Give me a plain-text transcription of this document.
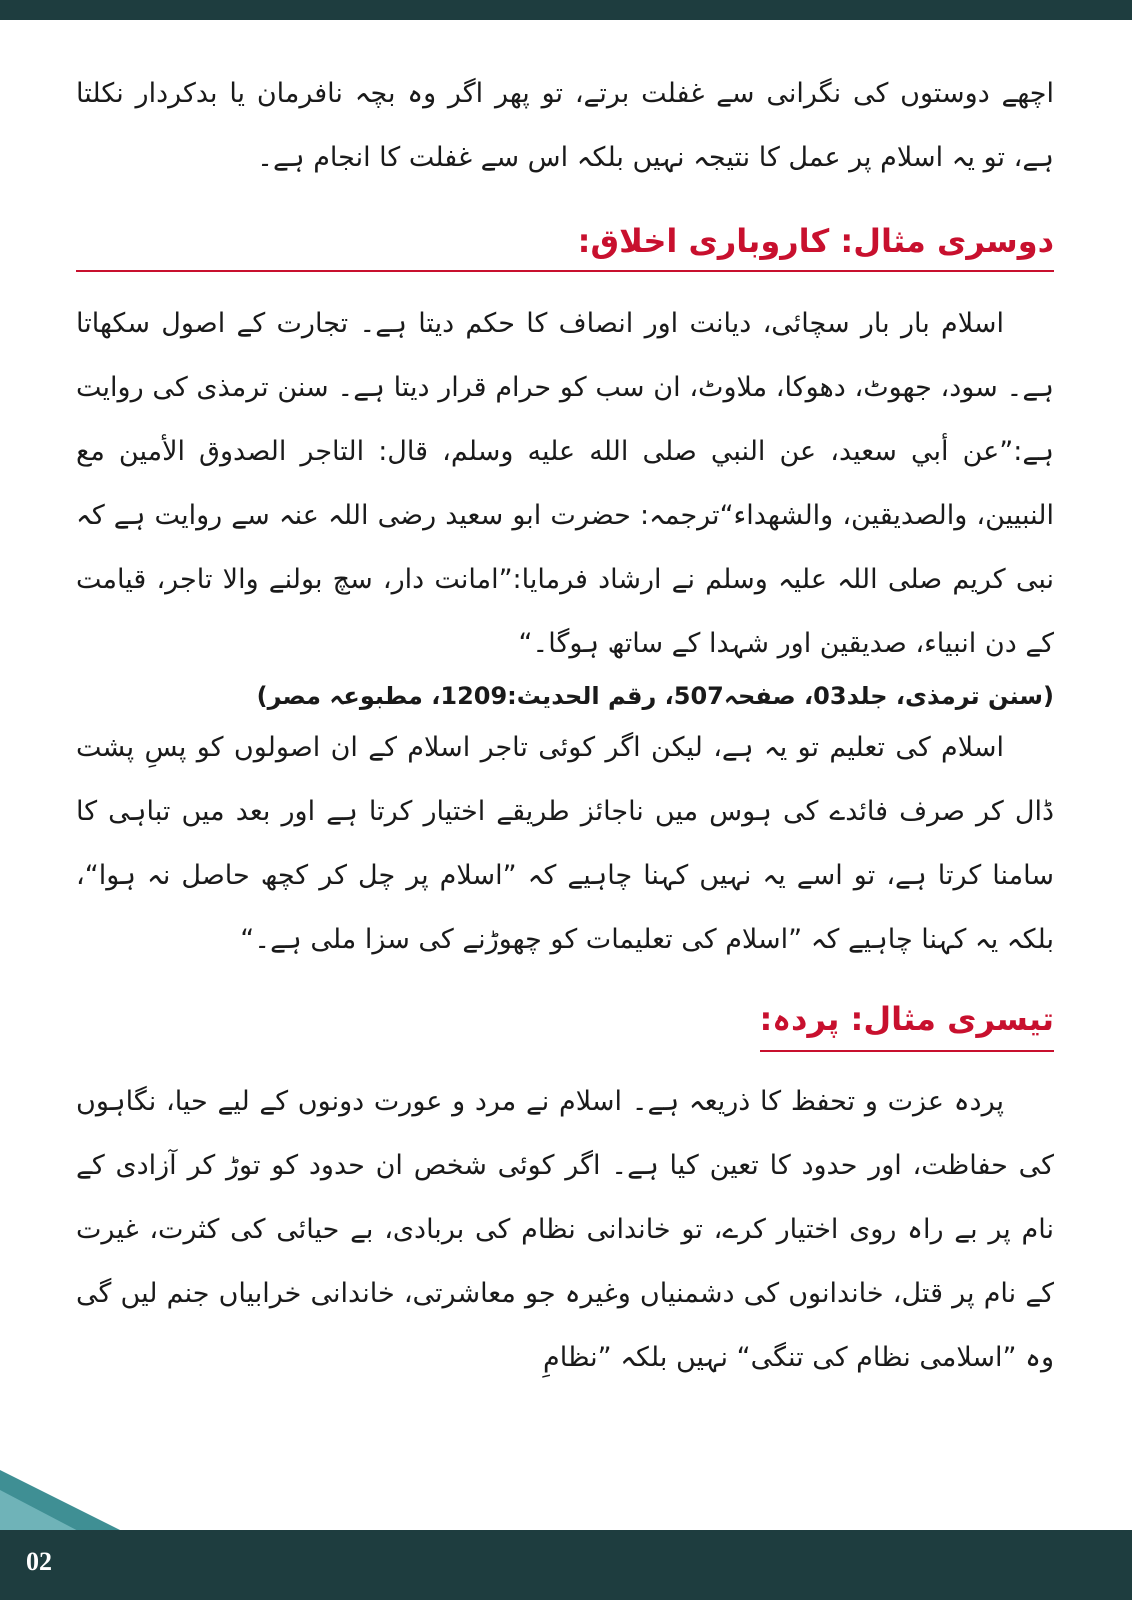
اچھے دوستوں کی نگرانی سے غفلت برتے، تو پھر اگر وہ بچہ نافرمان یا بدکردار نکلتا ہے، تو یہ اسلام پر عمل کا نتیجہ نہیں بلکہ اس سے غفلت کا انجام ہے۔

دوسری مثال: کاروباری اخلاق:

اسلام بار بار سچائی، دیانت اور انصاف کا حکم دیتا ہے۔ تجارت کے اصول سکھاتا ہے۔ سود، جھوٹ، دھوکا، ملاوٹ، ان سب کو حرام قرار دیتا ہے۔ سنن ترمذی کی روایت ہے:”عن أبي سعيد، عن النبي صلى الله عليه وسلم، قال: التاجر الصدوق الأمين مع النبيين، والصديقين، والشهداء“ترجمہ: حضرت ابو سعید رضی اللہ عنہ سے روایت ہے کہ نبی کریم صلی اللہ علیہ وسلم نے ارشاد فرمایا:”امانت دار، سچ بولنے والا تاجر، قیامت کے دن انبیاء، صدیقین اور شہدا کے ساتھ ہوگا۔“

(سنن ترمذی، جلد03، صفحہ507، رقم الحدیث:1209، مطبوعہ مصر)

اسلام کی تعلیم تو یہ ہے، لیکن اگر کوئی تاجر اسلام کے ان اصولوں کو پسِ پشت ڈال کر صرف فائدے کی ہوس میں ناجائز طریقے اختیار کرتا ہے اور بعد میں تباہی کا سامنا کرتا ہے، تو اسے یہ نہیں کہنا چاہیے کہ ”اسلام پر چل کر کچھ حاصل نہ ہوا“، بلکہ یہ کہنا چاہیے کہ ”اسلام کی تعلیمات کو چھوڑنے کی سزا ملی ہے۔“

تیسری مثال: پردہ:

پردہ عزت و تحفظ کا ذریعہ ہے۔ اسلام نے مرد و عورت دونوں کے لیے حیا، نگاہوں کی حفاظت، اور حدود کا تعین کیا ہے۔ اگر کوئی شخص ان حدود کو توڑ کر آزادی کے نام پر بے راہ روی اختیار کرے، تو خاندانی نظام کی بربادی، بے حیائی کی کثرت، غیرت کے نام پر قتل، خاندانوں کی دشمنیاں وغیرہ جو معاشرتی، خاندانی خرابیاں جنم لیں گی وہ ”اسلامی نظام کی تنگی“ نہیں بلکہ ”نظامِ

02
